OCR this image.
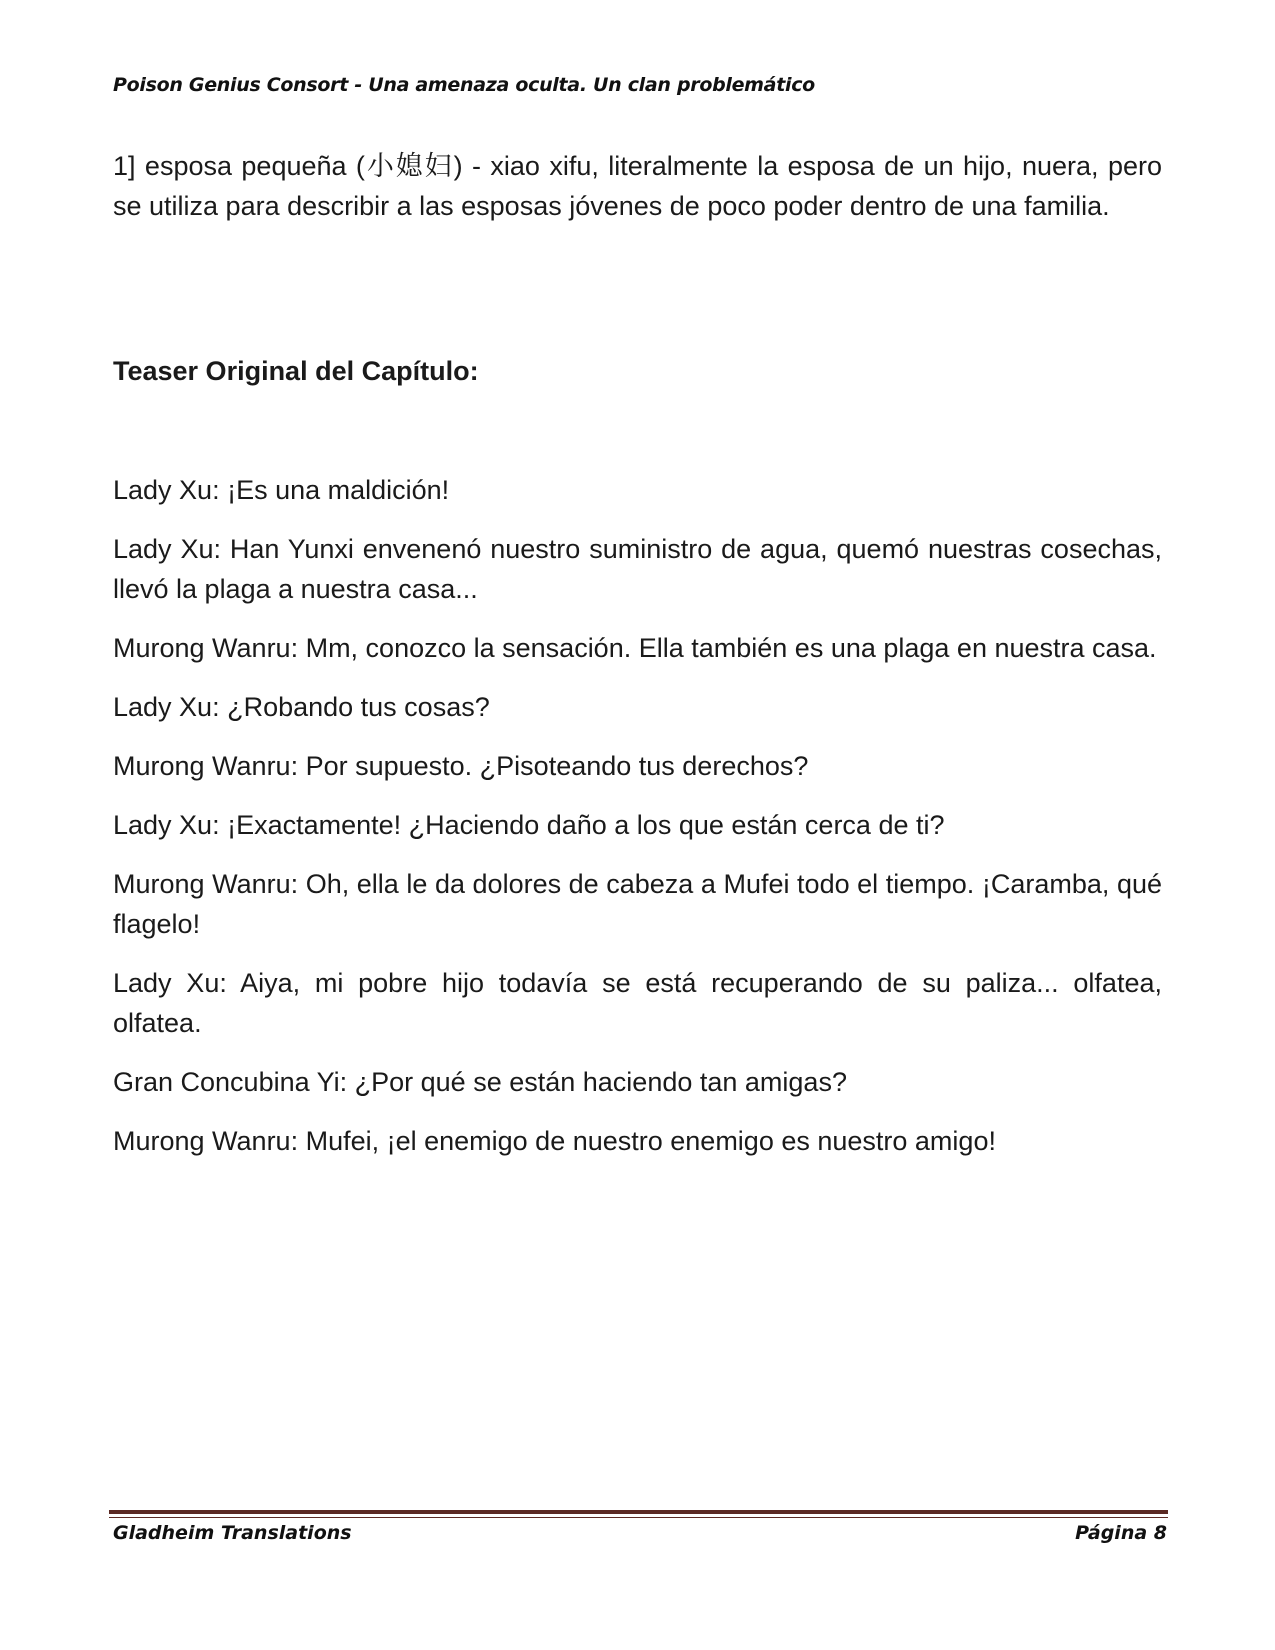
Poison Genius Consort - Una amenaza oculta. Un clan problemático

1] esposa pequeña (小媳妇) - xiao xifu, literalmente la esposa de un hijo, nuera, pero se utiliza para describir a las esposas jóvenes de poco poder dentro de una familia.

Teaser Original del Capítulo:

Lady Xu: ¡Es una maldición!

Lady Xu: Han Yunxi envenenó nuestro suministro de agua, quemó nuestras cosechas, llevó la plaga a nuestra casa...

Murong Wanru: Mm, conozco la sensación. Ella también es una plaga en nuestra casa.

Lady Xu: ¿Robando tus cosas?

Murong Wanru: Por supuesto. ¿Pisoteando tus derechos?

Lady Xu: ¡Exactamente! ¿Haciendo daño a los que están cerca de ti?

Murong Wanru: Oh, ella le da dolores de cabeza a Mufei todo el tiempo. ¡Caramba, qué flagelo!

Lady Xu: Aiya, mi pobre hijo todavía se está recuperando de su paliza... olfatea, olfatea.

Gran Concubina Yi: ¿Por qué se están haciendo tan amigas?

Murong Wanru: Mufei, ¡el enemigo de nuestro enemigo es nuestro amigo!

Gladheim Translations	Página 8
